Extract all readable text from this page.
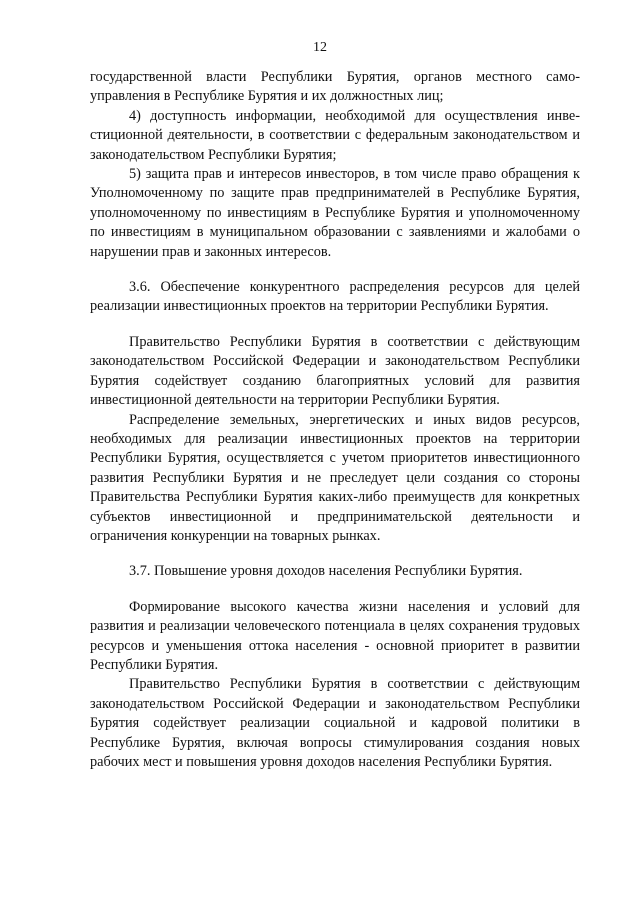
12

государственной власти Республики Бурятия, органов местного самоуправления в Республике Бурятия и их должностных лиц;

4) доступность информации, необходимой для осуществления инвестиционной деятельности, в соответствии с федеральным законодательством и законодательством Республики Бурятия;

5) защита прав и интересов инвесторов, в том числе право обращения к Уполномоченному по защите прав предпринимателей в Республике Бурятия, уполномоченному по инвестициям в Республике Бурятия и уполномоченному по инвестициям в муниципальном образовании с заявлениями и жалобами о нарушении прав и законных интересов.

3.6. Обеспечение конкурентного распределения ресурсов для целей реализации инвестиционных проектов на территории Республики Бурятия.

Правительство Республики Бурятия в соответствии с действующим законодательством Российской Федерации и законодательством Республики Бурятия содействует созданию благоприятных условий для развития инвестиционной деятельности на территории Республики Бурятия.

Распределение земельных, энергетических и иных видов ресурсов, необходимых для реализации инвестиционных проектов на территории Республики Бурятия, осуществляется с учетом приоритетов инвестиционного развития Республики Бурятия и не преследует цели создания со стороны Правительства Республики Бурятия каких-либо преимуществ для конкретных субъектов инвестиционной и предпринимательской деятельности и ограничения конкуренции на товарных рынках.

3.7. Повышение уровня доходов населения Республики Бурятия.

Формирование высокого качества жизни населения и условий для развития и реализации человеческого потенциала в целях сохранения трудовых ресурсов и уменьшения оттока населения - основной приоритет в развитии Республики Бурятия.

Правительство Республики Бурятия в соответствии с действующим законодательством Российской Федерации и законодательством Республики Бурятия содействует реализации социальной и кадровой политики в Республике Бурятия, включая вопросы стимулирования создания новых рабочих мест и повышения уровня доходов населения Республики Бурятия.
